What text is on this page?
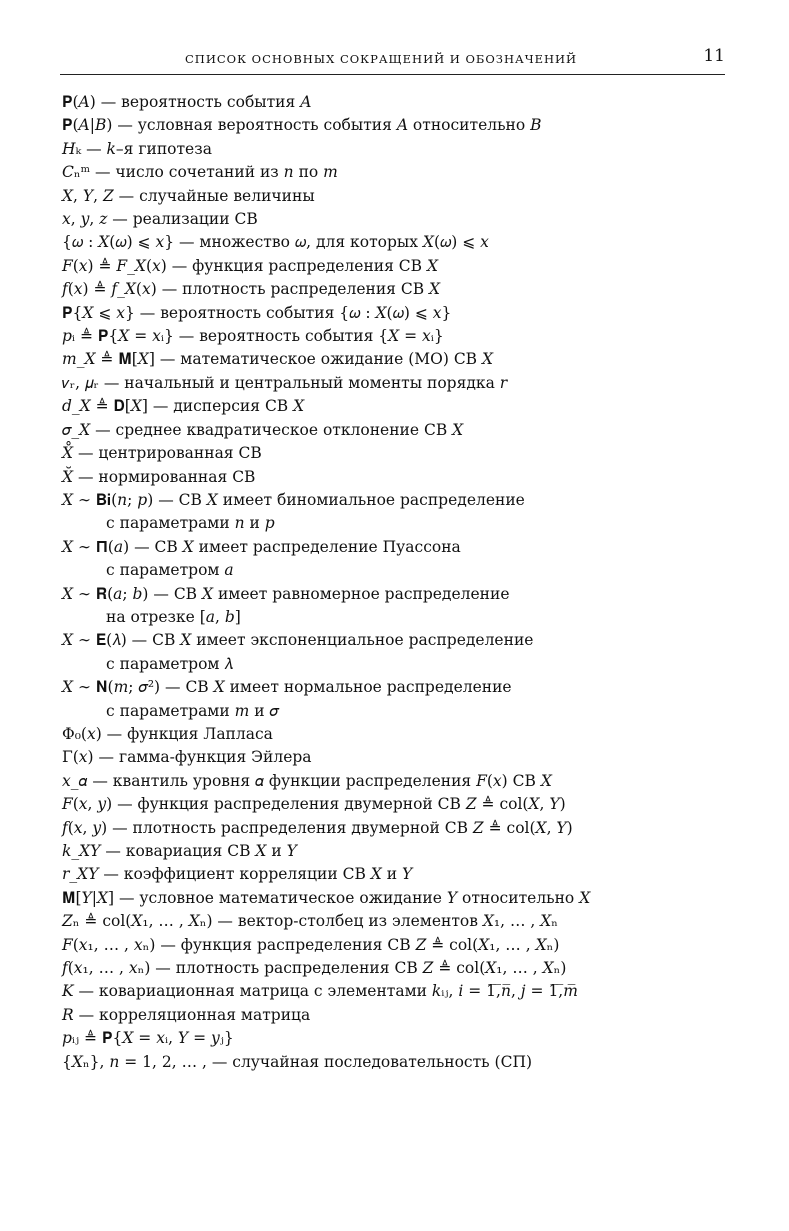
СПИСОК ОСНОВНЫХ СОКРАЩЕНИЙ И ОБОЗНАЧЕНИЙ	11
𝐏(𝐴) — вероятность события 𝐴
𝐏(𝐴|𝐵) — условная вероятность события 𝐴 относительно 𝐵
𝐻ₖ — 𝑘–я гипотеза
𝐶ₙᵐ — число сочетаний из 𝑛 по 𝑚
𝑋, 𝑌, 𝑍 — случайные величины
𝑥, 𝑦, 𝑧 — реализации СВ
{𝜔 : 𝑋(𝜔) ⩽ 𝑥} — множество 𝜔, для которых 𝑋(𝜔) ⩽ 𝑥
𝐹(𝑥) ≜ 𝐹_𝑋(𝑥) — функция распределения СВ 𝑋
𝑓(𝑥) ≜ 𝑓_𝑋(𝑥) — плотность распределения СВ 𝑋
𝐏{𝑋 ⩽ 𝑥} — вероятность события {𝜔 : 𝑋(𝜔) ⩽ 𝑥}
𝑝ᵢ ≜ 𝐏{𝑋 = 𝑥ᵢ} — вероятность события {𝑋 = 𝑥ᵢ}
𝑚_𝑋 ≜ 𝐌[𝑋] — математическое ожидание (МО) СВ 𝑋
𝜈ᵣ, 𝜇ᵣ — начальный и центральный моменты порядка 𝑟
𝑑_𝑋 ≜ 𝐃[𝑋] — дисперсия СВ 𝑋
𝜎_𝑋 — среднее квадратическое отклонение СВ 𝑋
𝑋̊ — центрированная СВ
𝑋̆ — нормированная СВ
𝑋 ∼ 𝐁𝐢(𝑛; 𝑝) — СВ 𝑋 имеет биномиальное распределение
с параметрами 𝑛 и 𝑝
𝑋 ∼ 𝚷(𝑎) — СВ 𝑋 имеет распределение Пуассона
с параметром 𝑎
𝑋 ∼ 𝐑(𝑎; 𝑏) — СВ 𝑋 имеет равномерное распределение
на отрезке [𝑎, 𝑏]
𝑋 ∼ 𝐄(𝜆) — СВ 𝑋 имеет экспоненциальное распределение
с параметром 𝜆
𝑋 ∼ 𝐍(𝑚; 𝜎²) — СВ 𝑋 имеет нормальное распределение
с параметрами 𝑚 и 𝜎
Φ₀(𝑥) — функция Лапласа
Γ(𝑥) — гамма-функция Эйлера
𝑥_𝛼 — квантиль уровня 𝛼 функции распределения 𝐹(𝑥) СВ 𝑋
𝐹(𝑥, 𝑦) — функция распределения двумерной СВ 𝑍 ≜ col(𝑋, 𝑌)
𝑓(𝑥, 𝑦) — плотность распределения двумерной СВ 𝑍 ≜ col(𝑋, 𝑌)
𝑘_𝑋𝑌 — ковариация СВ 𝑋 и 𝑌
𝑟_𝑋𝑌 — коэффициент корреляции СВ 𝑋 и 𝑌
𝐌[𝑌|𝑋] — условное математическое ожидание 𝑌 относительно 𝑋
𝑍ₙ ≜ col(𝑋₁, … , 𝑋ₙ) — вектор-столбец из элементов 𝑋₁, … , 𝑋ₙ
𝐹(𝑥₁, … , 𝑥ₙ) — функция распределения СВ 𝑍 ≜ col(𝑋₁, … , 𝑋ₙ)
𝑓(𝑥₁, … , 𝑥ₙ) — плотность распределения СВ 𝑍 ≜ col(𝑋₁, … , 𝑋ₙ)
𝐾 — ковариационная матрица с элементами 𝑘ᵢⱼ, 𝑖 = 1̅,̅𝑛̅, 𝑗 = 1̅,̅𝑚̅
𝑅 — корреляционная матрица
𝑝ᵢⱼ ≜ 𝐏{𝑋 = 𝑥ᵢ, 𝑌 = 𝑦ⱼ}
{𝑋ₙ}, 𝑛 = 1, 2, … , — случайная последовательность (СП)
